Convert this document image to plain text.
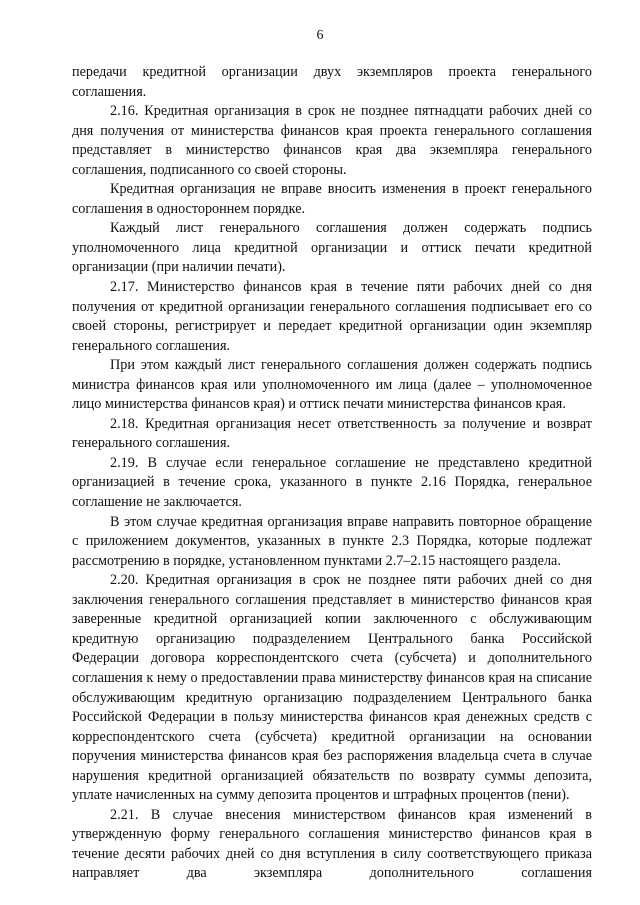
6

передачи кредитной организации двух экземпляров проекта генерального соглашения.

2.16. Кредитная организация в срок не позднее пятнадцати рабочих дней со дня получения от министерства финансов края проекта генерального соглашения представляет в министерство финансов края два экземпляра генерального соглашения, подписанного со своей стороны.

Кредитная организация не вправе вносить изменения в проект генерального соглашения в одностороннем порядке.

Каждый лист генерального соглашения должен содержать подпись уполномоченного лица кредитной организации и оттиск печати кредитной организации (при наличии печати).

2.17. Министерство финансов края в течение пяти рабочих дней со дня получения от кредитной организации генерального соглашения подписывает его со своей стороны, регистрирует и передает кредитной организации один экземпляр генерального соглашения.

При этом каждый лист генерального соглашения должен содержать подпись министра финансов края или уполномоченного им лица (далее – уполномоченное лицо министерства финансов края) и оттиск печати министерства финансов края.

2.18. Кредитная организация несет ответственность за получение и возврат генерального соглашения.

2.19. В случае если генеральное соглашение не представлено кредитной организацией в течение срока, указанного в пункте 2.16 Порядка, генеральное соглашение не заключается.

В этом случае кредитная организация вправе направить повторное обращение с приложением документов, указанных в пункте 2.3 Порядка, которые подлежат рассмотрению в порядке, установленном пунктами 2.7–2.15 настоящего раздела.

2.20. Кредитная организация в срок не позднее пяти рабочих дней со дня заключения генерального соглашения представляет в министерство финансов края заверенные кредитной организацией копии заключенного с обслуживающим кредитную организацию подразделением Центрального банка Российской Федерации договора корреспондентского счета (субсчета) и дополнительного соглашения к нему о предоставлении права министерству финансов края на списание обслуживающим кредитную организацию подразделением Центрального банка Российской Федерации в пользу министерства финансов края денежных средств с корреспондентского счета (субсчета) кредитной организации на основании поручения министерства финансов края без распоряжения владельца счета в случае нарушения кредитной организацией обязательств по возврату суммы депозита, уплате начисленных на сумму депозита процентов и штрафных процентов (пени).

2.21. В случае внесения министерством финансов края изменений в утвержденную форму генерального соглашения министерство финансов края в течение десяти рабочих дней со дня вступления в силу соответствующего приказа направляет два экземпляра дополнительного соглашения
